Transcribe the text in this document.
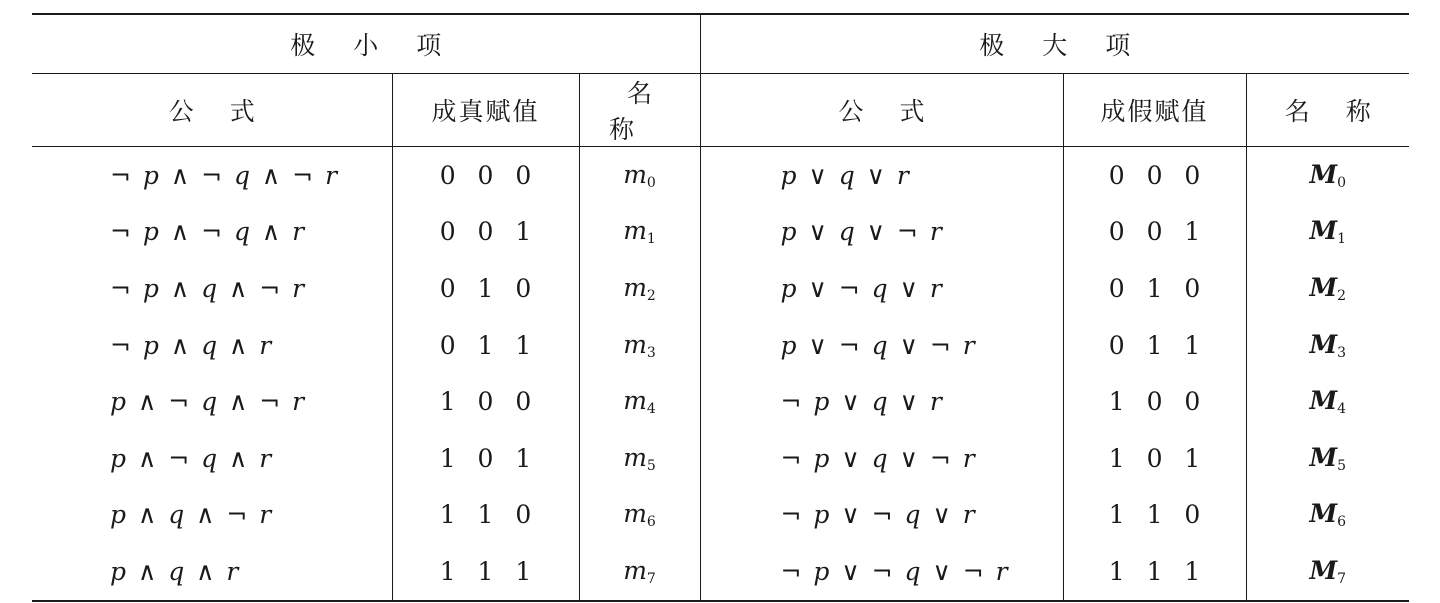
极小项			极大项		
公式	成真赋值	名称	公式	成假赋值	名称
¬ p ∧ ¬ q ∧ ¬ r	0 0 0	$m_0$	p ∨ q ∨ r	0 0 0	$M_0$
¬ p ∧ ¬ q ∧ r	0 0 1	$m_1$	p ∨ q ∨ ¬ r	0 0 1	$M_1$
¬ p ∧ q ∧ ¬ r	0 1 0	$m_2$	p ∨ ¬ q ∨ r	0 1 0	$M_2$
¬ p ∧ q ∧ r	0 1 1	$m_3$	p ∨ ¬ q ∨ ¬ r	0 1 1	$M_3$
p ∧ ¬ q ∧ ¬ r	1 0 0	$m_4$	¬ p ∨ q ∨ r	1 0 0	$M_4$
p ∧ ¬ q ∧ r	1 0 1	$m_5$	¬ p ∨ q ∨ ¬ r	1 0 1	$M_5$
p ∧ q ∧ ¬ r	1 1 0	$m_6$	¬ p ∨ ¬ q ∨ r	1 1 0	$M_6$
p ∧ q ∧ r	1 1 1	$m_7$	¬ p ∨ ¬ q ∨ ¬ r	1 1 1	$M_7$
